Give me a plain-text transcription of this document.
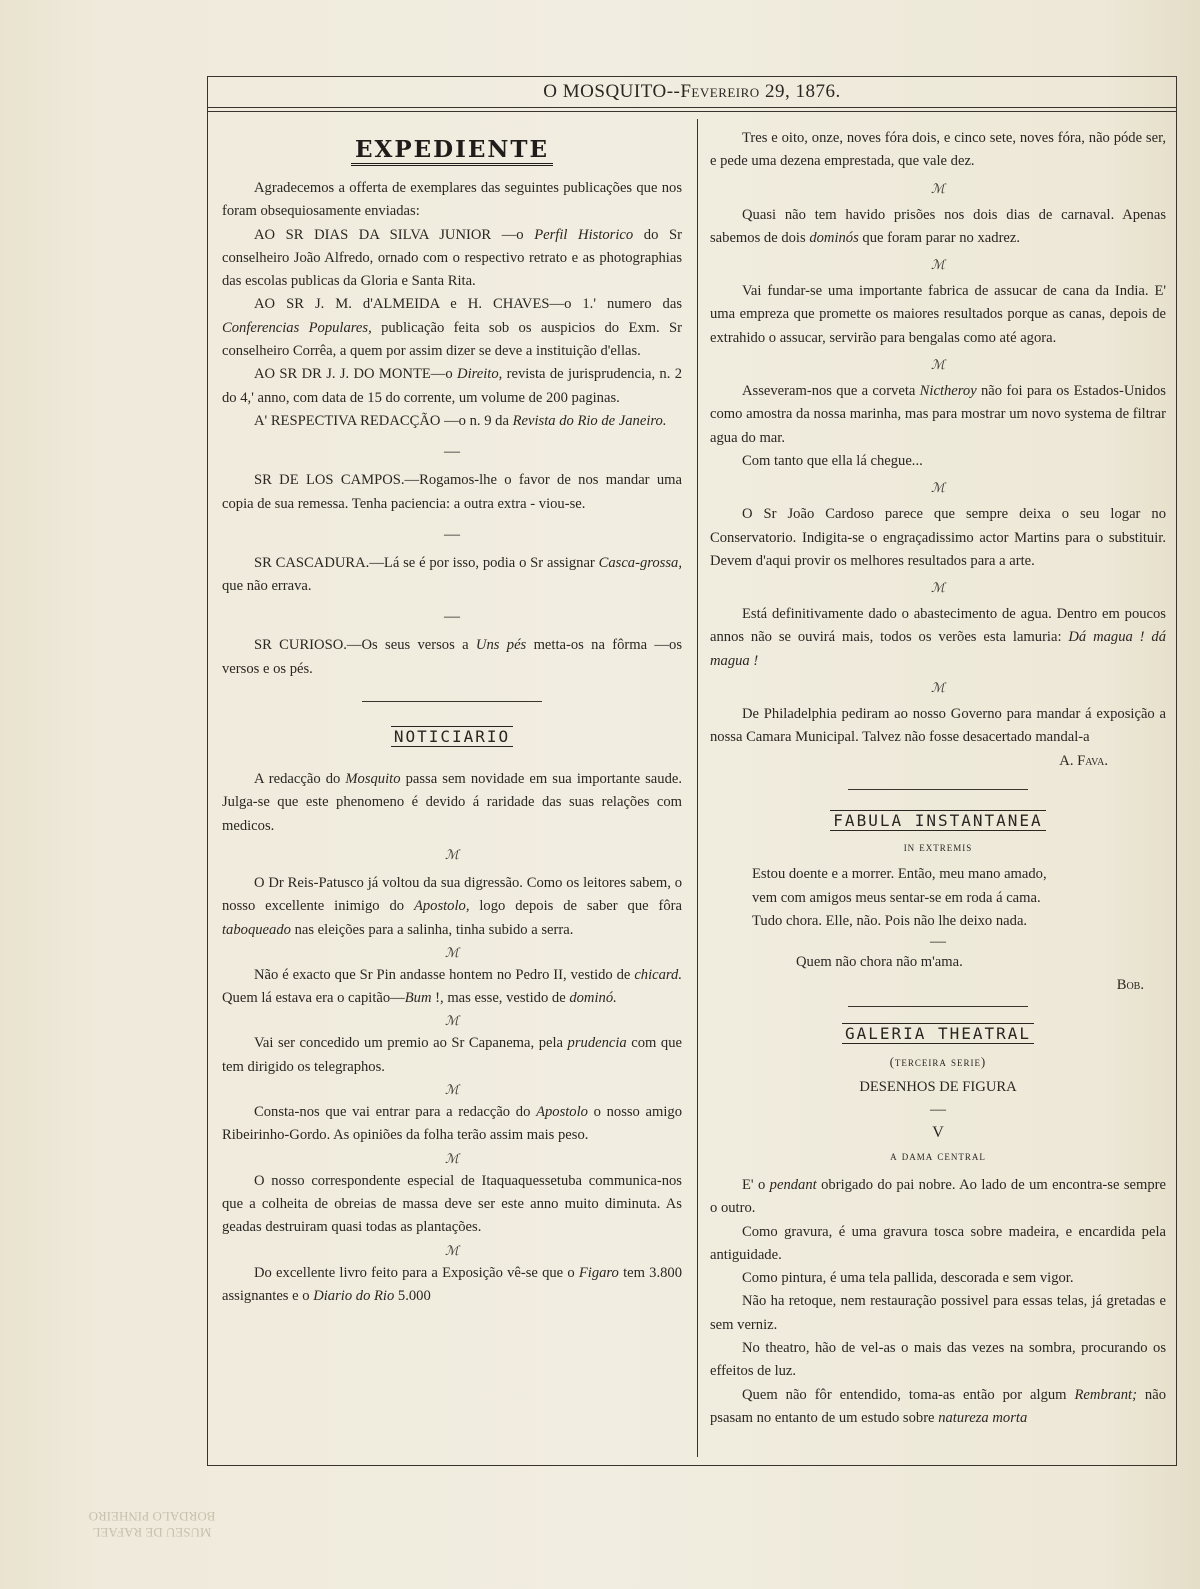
MUSEU DE RAFAEL
BORDALO PINHEIRO
O MOSQUITO--Fevereiro 29, 1876.
EXPEDIENTE

Agradecemos a offerta de exemplares das seguintes publicações que nos foram obsequiosamente enviadas:

AO SR DIAS DA SILVA JUNIOR —o Perfil Historico do Sr conselheiro João Alfredo, ornado com o respectivo retrato e as photographias das escolas publicas da Gloria e Santa Rita.

AO SR J. M. d'ALMEIDA e H. CHAVES—o 1.' numero das Conferencias Populares, publicação feita sob os auspicios do Exm. Sr conselheiro Corrêa, a quem por assim dizer se deve a instituição d'ellas.

AO SR DR J. J. DO MONTE—o Direito, revista de jurisprudencia, n. 2 do 4,' anno, com data de 15 do corrente, um volume de 200 paginas.

A' RESPECTIVA REDACÇÃO —o n. 9 da Revista do Rio de Janeiro.

—

SR DE LOS CAMPOS.—Rogamos-lhe o favor de nos mandar uma copia de sua remessa. Tenha paciencia: a outra extra - viou-se.

—

SR CASCADURA.—Lá se é por isso, podia o Sr assignar Casca-grossa, que não errava.

—

SR CURIOSO.—Os seus versos a Uns pés metta-os na fôrma —os versos e os pés.

NOTICIARIO

A redacção do Mosquito passa sem novidade em sua importante saude. Julga-se que este phenomeno é devido á raridade das suas relações com medicos.

ℳ

O Dr Reis-Patusco já voltou da sua digressão. Como os leitores sabem, o nosso excellente inimigo do Apostolo, logo depois de saber que fôra taboqueado nas eleições para a salinha, tinha subido a serra.

ℳ

Não é exacto que Sr Pin andasse hontem no Pedro II, vestido de chicard. Quem lá estava era o capitão—Bum !, mas esse, vestido de dominó.

ℳ

Vai ser concedido um premio ao Sr Capanema, pela prudencia com que tem dirigido os telegraphos.

ℳ

Consta-nos que vai entrar para a redacção do Apostolo o nosso amigo Ribeirinho-Gordo. As opiniões da folha terão assim mais peso.

ℳ

O nosso correspondente especial de Itaquaquessetuba communica-nos que a colheita de obreias de massa deve ser este anno muito diminuta. As geadas destruiram quasi todas as plantações.

ℳ

Do excellente livro feito para a Exposição vê-se que o Figaro tem 3.800 assignantes e o Diario do Rio 5.000

Tres e oito, onze, noves fóra dois, e cinco sete, noves fóra, não póde ser, e pede uma dezena emprestada, que vale dez.

ℳ

Quasi não tem havido prisões nos dois dias de carnaval. Apenas sabemos de dois dominós que foram parar no xadrez.

ℳ

Vai fundar-se uma importante fabrica de assucar de cana da India. E' uma empreza que promette os maiores resultados porque as canas, depois de extrahido o assucar, servirão para bengalas como até agora.

ℳ

Asseveram-nos que a corveta Nictheroy não foi para os Estados-Unidos como amostra da nossa marinha, mas para mostrar um novo systema de filtrar agua do mar.

Com tanto que ella lá chegue...

ℳ

O Sr João Cardoso parece que sempre deixa o seu logar no Conservatorio. Indigita-se o engraçadissimo actor Martins para o substituir. Devem d'aqui provir os melhores resultados para a arte.

ℳ

Está definitivamente dado o abastecimento de agua. Dentro em poucos annos não se ouvirá mais, todos os verões esta lamuria: Dá magua ! dá magua !

ℳ

De Philadelphia pediram ao nosso Governo para mandar á exposição a nossa Camara Municipal. Talvez não fosse desacertado mandal-a

A. Fava.

FABULA INSTANTANEA

in extremis

Estou doente e a morrer. Então, meu mano amado,

vem com amigos meus sentar-se em roda á cama.

Tudo chora. Elle, não. Pois não lhe deixo nada.

—

Quem não chora não m'ama.

Bob.

GALERIA THEATRAL

(terceira serie)

DESENHOS DE FIGURA

—

V

a dama central

E' o pendant obrigado do pai nobre. Ao lado de um encontra-se sempre o outro.

Como gravura, é uma gravura tosca sobre madeira, e encardida pela antiguidade.

Como pintura, é uma tela pallida, descorada e sem vigor.

Não ha retoque, nem restauração possivel para essas telas, já gretadas e sem verniz.

No theatro, hão de vel-as o mais das vezes na sombra, procurando os effeitos de luz.

Quem não fôr entendido, toma-as então por algum Rembrant; não psasam no entanto de um estudo sobre natureza morta
